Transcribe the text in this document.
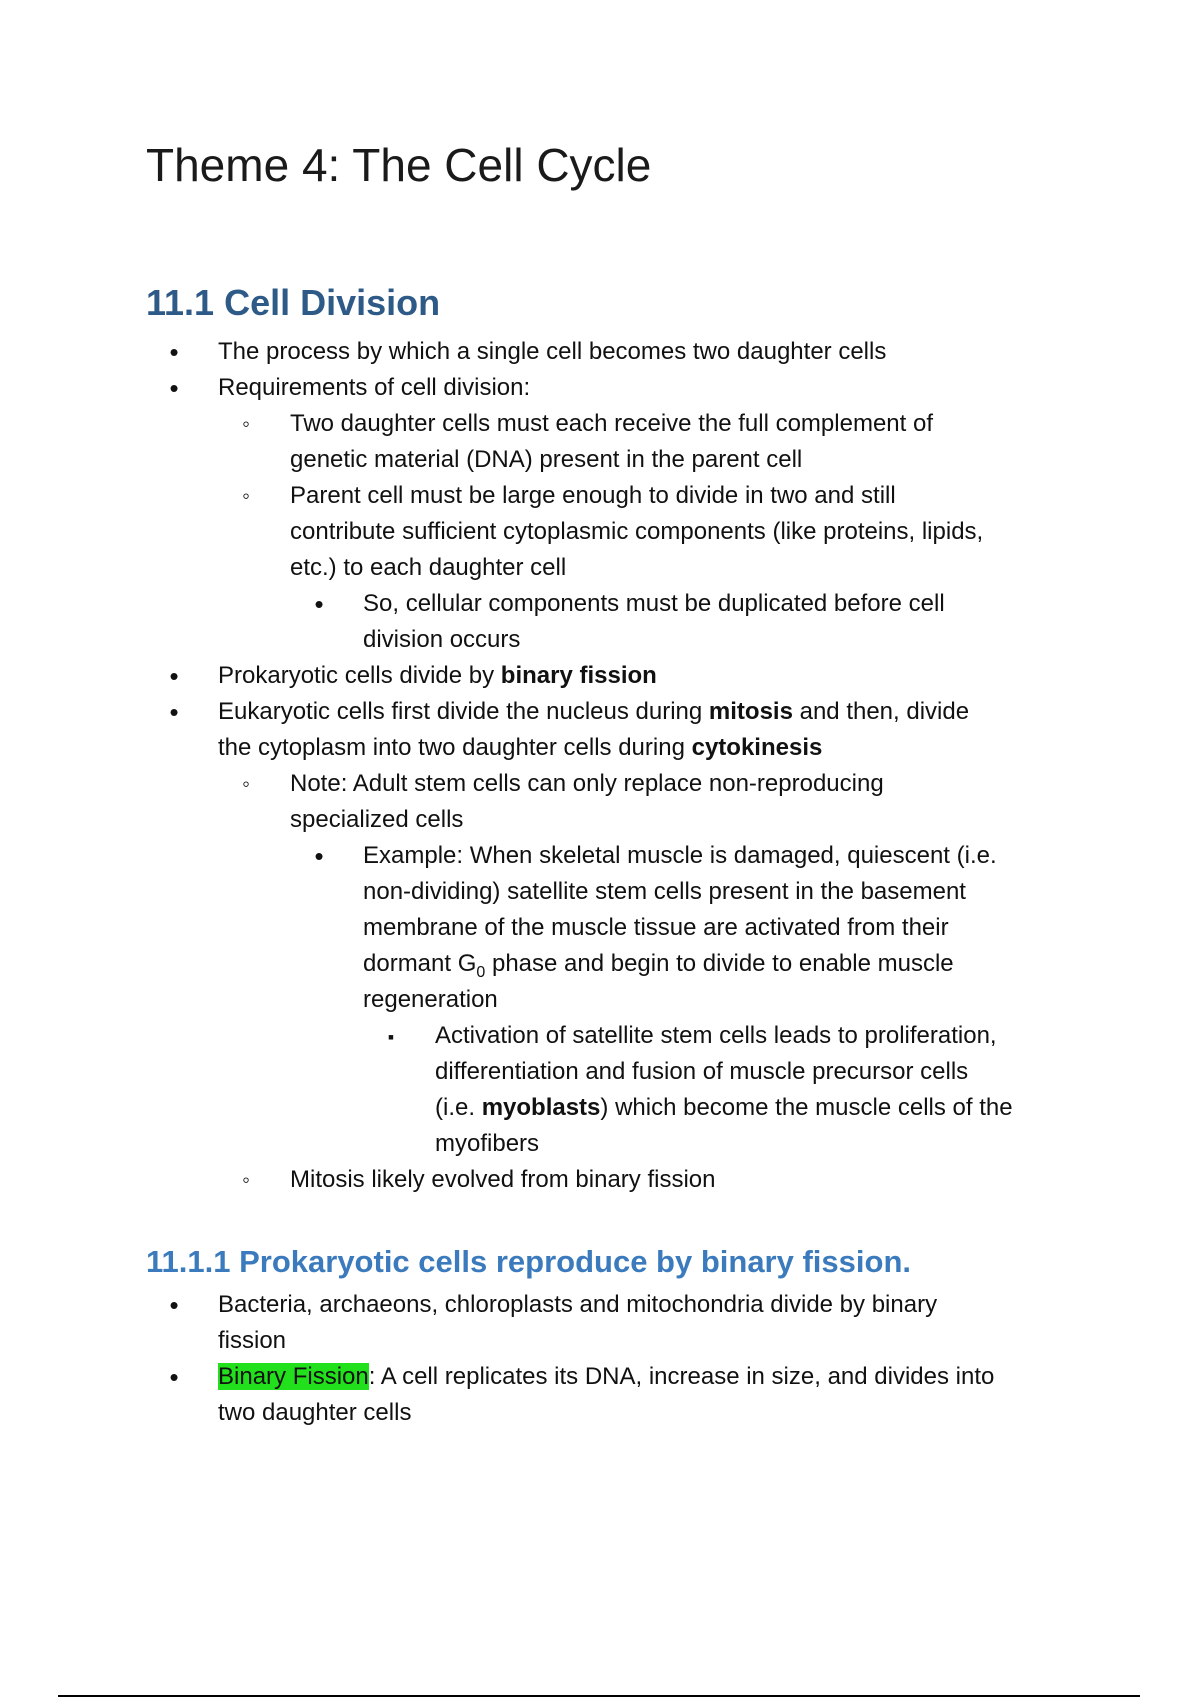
Theme 4: The Cell Cycle
11.1 Cell Division
•

The process by which a single cell becomes two daughter cells

•

Requirements of cell division:

◦

Two daughter cells must each receive the full complement of

genetic material (DNA) present in the parent cell

◦

Parent cell must be large enough to divide in two and still

contribute sufficient cytoplasmic components (like proteins, lipids,

etc.) to each daughter cell

•

So, cellular components must be duplicated before cell

division occurs

•

Prokaryotic cells divide by binary fission

•

Eukaryotic cells first divide the nucleus during mitosis and then, divide

the cytoplasm into two daughter cells during cytokinesis

◦

Note: Adult stem cells can only replace non-reproducing

specialized cells

•

Example: When skeletal muscle is damaged, quiescent (i.e.

non-dividing) satellite stem cells present in the basement

membrane of the muscle tissue are activated from their

dormant $G_0$ phase and begin to divide to enable muscle

regeneration

▪

Activation of satellite stem cells leads to proliferation,

differentiation and fusion of muscle precursor cells

(i.e. myoblasts) which become the muscle cells of the

myofibers

◦

Mitosis likely evolved from binary fission

11.1.1 Prokaryotic cells reproduce by binary fission.
•

Bacteria, archaeons, chloroplasts and mitochondria divide by binary

fission

•

Binary Fission: A cell replicates its DNA, increase in size, and divides into

two daughter cells
